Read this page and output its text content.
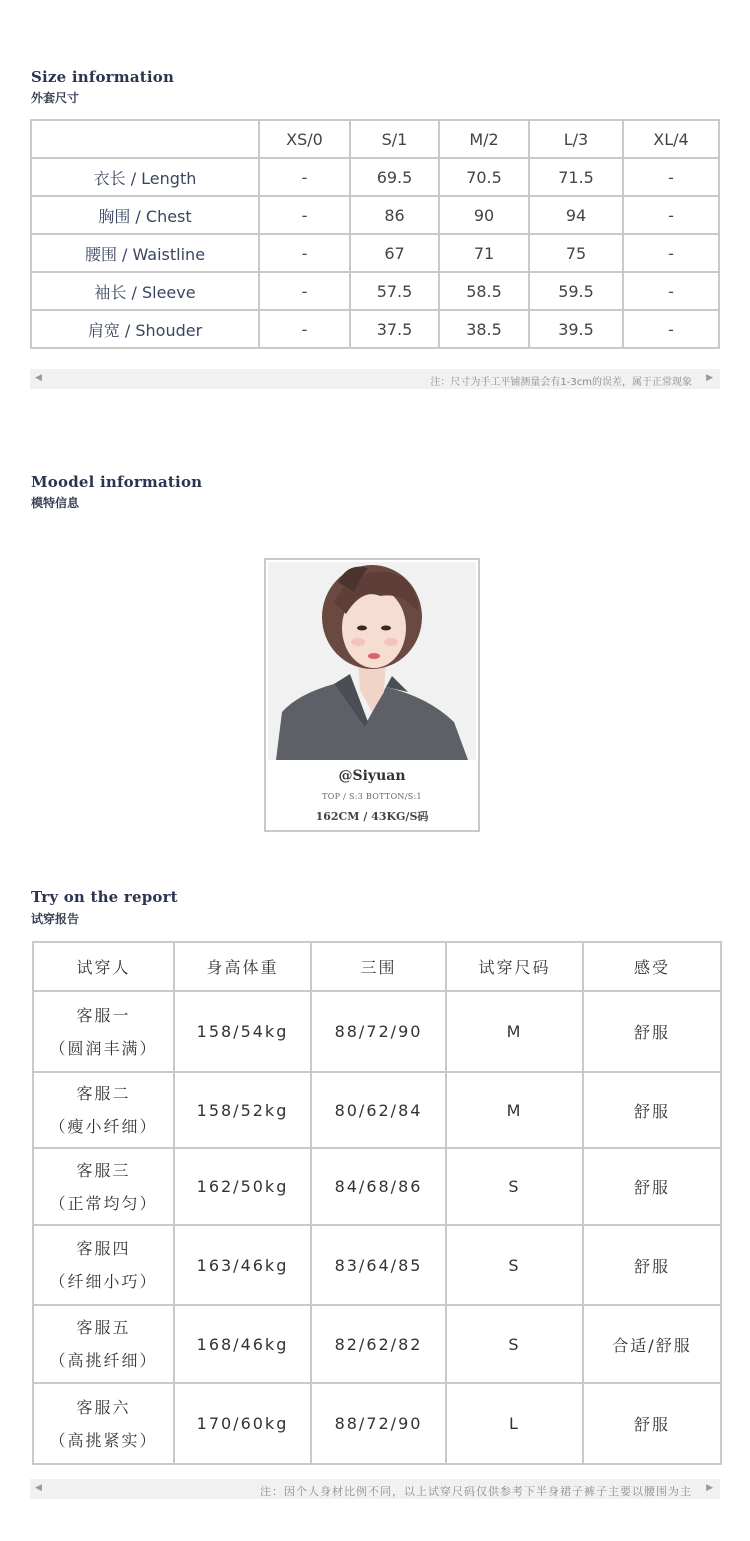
Size information
外套尺寸
	XS/0	S/1	M/2	L/3	XL/4
衣长 / Length	-	69.5	70.5	71.5	-
胸围 / Chest	-	86	90	94	-
腰围 / Waistline	-	67	71	75	-
袖长 / Sleeve	-	57.5	58.5	59.5	-
肩宽 / Shouder	-	37.5	38.5	39.5	-
◀	注：尺寸为手工平铺测量会有1-3cm的误差，属于正常现象 ▶
Moodel information
模特信息
@Siyuan
TOP / S:3 BOTTON/S:1
162CM / 43KG/S码
Try on the report
试穿报告
试穿人	身高体重	三围	试穿尺码	感受

客服一
（圆润丰满）	158/54kg	88/72/90	M	舒服

客服二
（瘦小纤细）	158/52kg	80/62/84	M	舒服

客服三
（正常均匀）	162/50kg	84/68/86	S	舒服

客服四
（纤细小巧）	163/46kg	83/64/85	S	舒服

客服五
（高挑纤细）	168/46kg	82/62/82	S	合适/舒服

客服六
（高挑紧实）	170/60kg	88/72/90	L	舒服
◀	注：因个人身材比例不同，以上试穿尺码仅供参考下半身裙子裤子主要以腰围为主 ▶
